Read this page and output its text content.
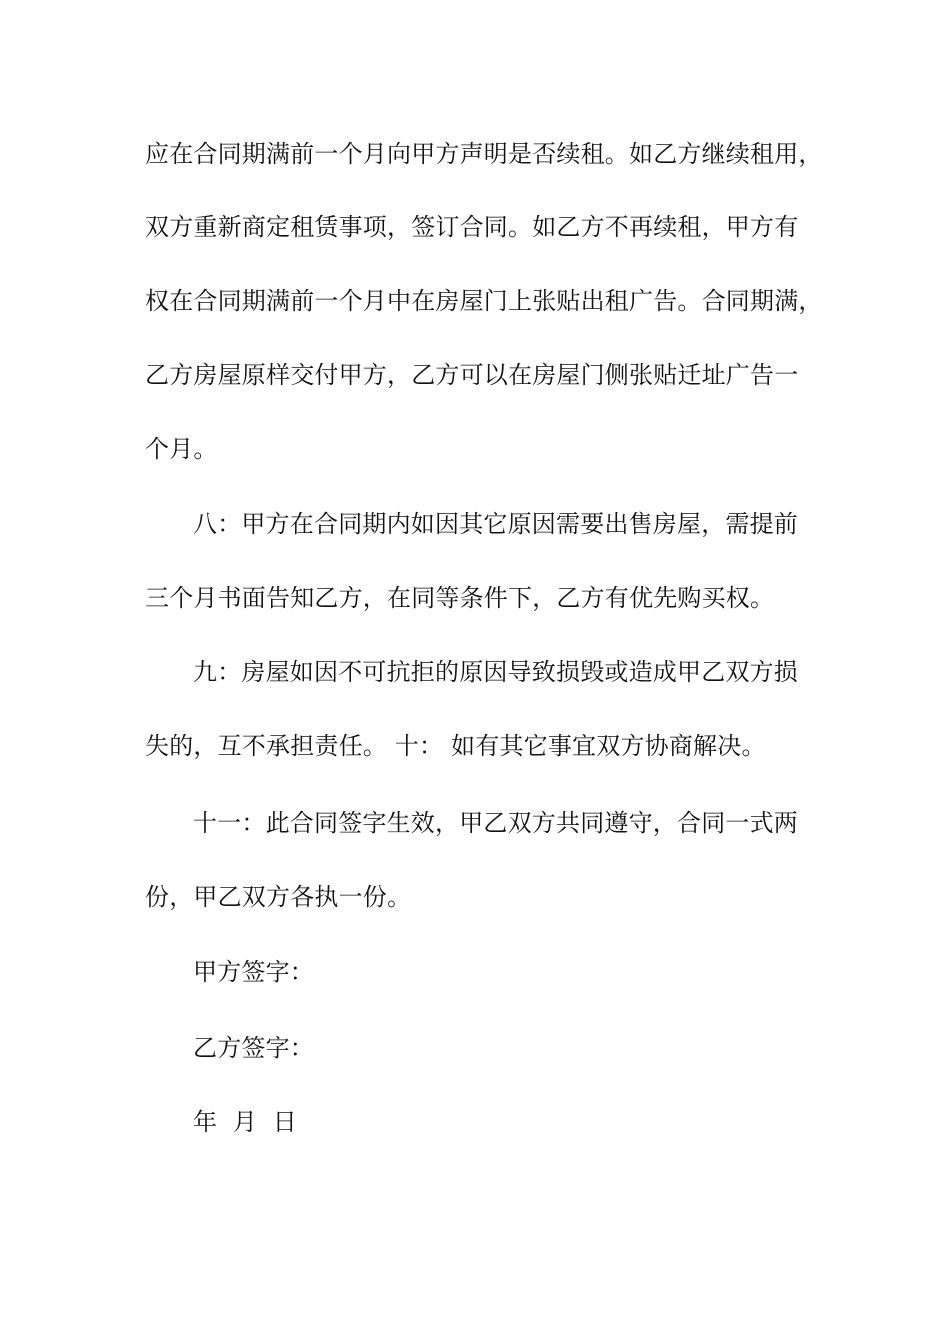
应在合同期满前一个月向甲方声明是否续租。如乙方继续租用，
双方重新商定租赁事项，签订合同。如乙方不再续租，甲方有
权在合同期满前一个月中在房屋门上张贴出租广告。合同期满，
乙方房屋原样交付甲方，乙方可以在房屋门侧张贴迁址广告一
个月。
八：甲方在合同期内如因其它原因需要出售房屋，需提前
三个月书面告知乙方，在同等条件下，乙方有优先购买权。
九：房屋如因不可抗拒的原因导致损毁或造成甲乙双方损
失的，互不承担责任。 十： 如有其它事宜双方协商解决。
十一：此合同签字生效，甲乙双方共同遵守，合同一式两
份，甲乙双方各执一份。
甲方签字：
乙方签字：
年  月  日
